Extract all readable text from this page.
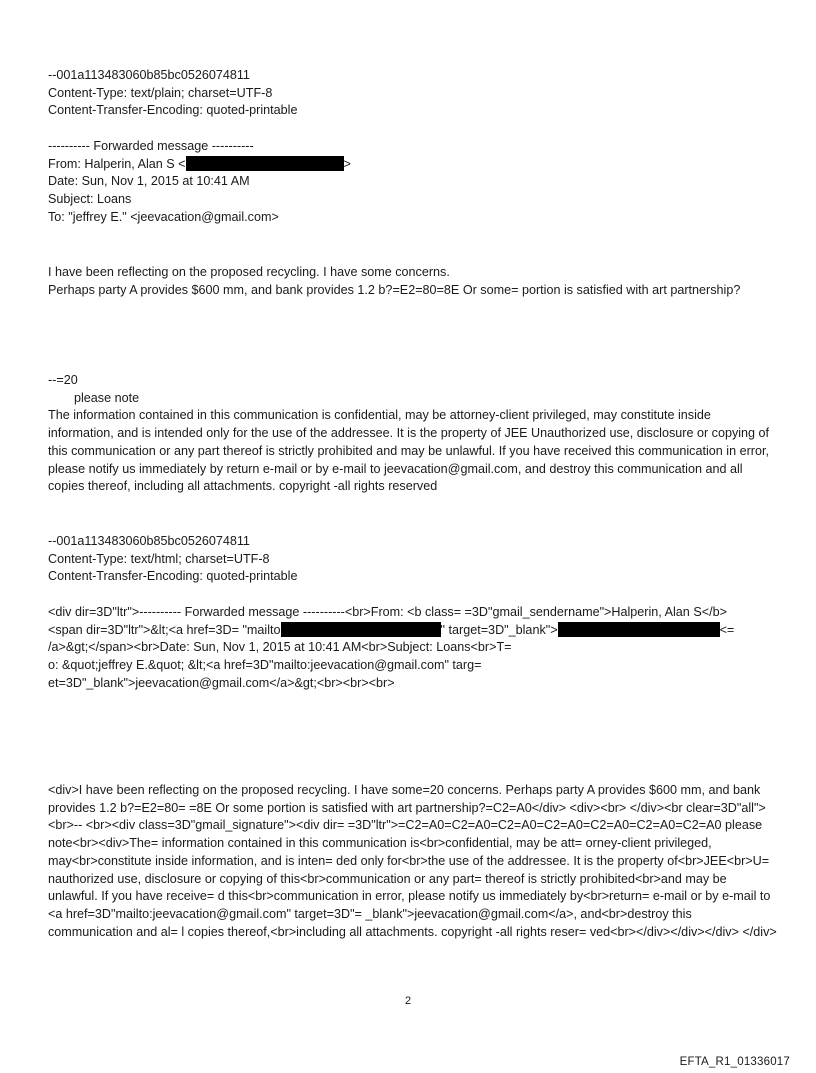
--001a113483060b85bc0526074811
Content-Type: text/plain; charset=UTF-8
Content-Transfer-Encoding: quoted-printable
---------- Forwarded message ----------
From: Halperin, Alan S <	>
Date: Sun, Nov 1, 2015 at 10:41 AM
Subject: Loans
To: "jeffrey E." <jeevacation@gmail.com>
I have been reflecting on the proposed recycling. I have some concerns.
Perhaps party A provides $600 mm, and bank provides 1.2 b?=E2=80=8E Or some= portion is satisfied with art partnership?
--=20
please note
The information contained in this communication is confidential, may be attorney-client privileged, may constitute inside information, and is intended only for the use of the addressee. It is the property of JEE Unauthorized use, disclosure or copying of this communication or any part thereof is strictly prohibited and may be unlawful. If you have received this communication in error, please notify us immediately by return e-mail or by e-mail to jeevacation@gmail.com, and destroy this communication and all copies thereof, including all attachments. copyright -all rights reserved
--001a113483060b85bc0526074811
Content-Type: text/html; charset=UTF-8
Content-Transfer-Encoding: quoted-printable
<div dir=3D"ltr">---------- Forwarded message ----------<br>From: <b class= =3D"gmail_sendername">Halperin, Alan S</b>
<span dir=3D"ltr">&lt;<a href=3D= "mailto	" target=3D"_blank">	<=
/a>&gt;</span><br>Date: Sun, Nov 1, 2015 at 10:41 AM<br>Subject: Loans<br>T=
o: &quot;jeffrey E.&quot; &lt;<a href=3D"mailto:jeevacation@gmail.com" targ=
et=3D"_blank">jeevacation@gmail.com</a>&gt;<br><br><br>
<div>I have been reflecting on the proposed recycling. I have some=20 concerns. Perhaps party A provides $600 mm, and bank provides 1.2 b?=E2=80= =8E Or some portion is satisfied with art partnership?=C2=A0</div> <div><br> </div><br clear=3D"all"><br>-- <br><div class=3D"gmail_signature"><div dir= =3D"ltr">=C2=A0=C2=A0=C2=A0=C2=A0=C2=A0=C2=A0=C2=A0 please note<br><div>The= information contained in this communication is<br>confidential, may be att= orney-client privileged, may<br>constitute inside information, and is inten= ded only for<br>the use of the addressee. It is the property of<br>JEE<br>U= nauthorized use, disclosure or copying of this<br>communication or any part= thereof is strictly prohibited<br>and may be unlawful. If you have receive= d this<br>communication in error, please notify us immediately by<br>return= e-mail or by e-mail to <a href=3D"mailto:jeevacation@gmail.com" target=3D"= _blank">jeevacation@gmail.com</a>, and<br>destroy this communication and al= l copies thereof,<br>including all attachments. copyright -all rights reser= ved<br></div></div></div> </div>
2
EFTA_R1_01336017
